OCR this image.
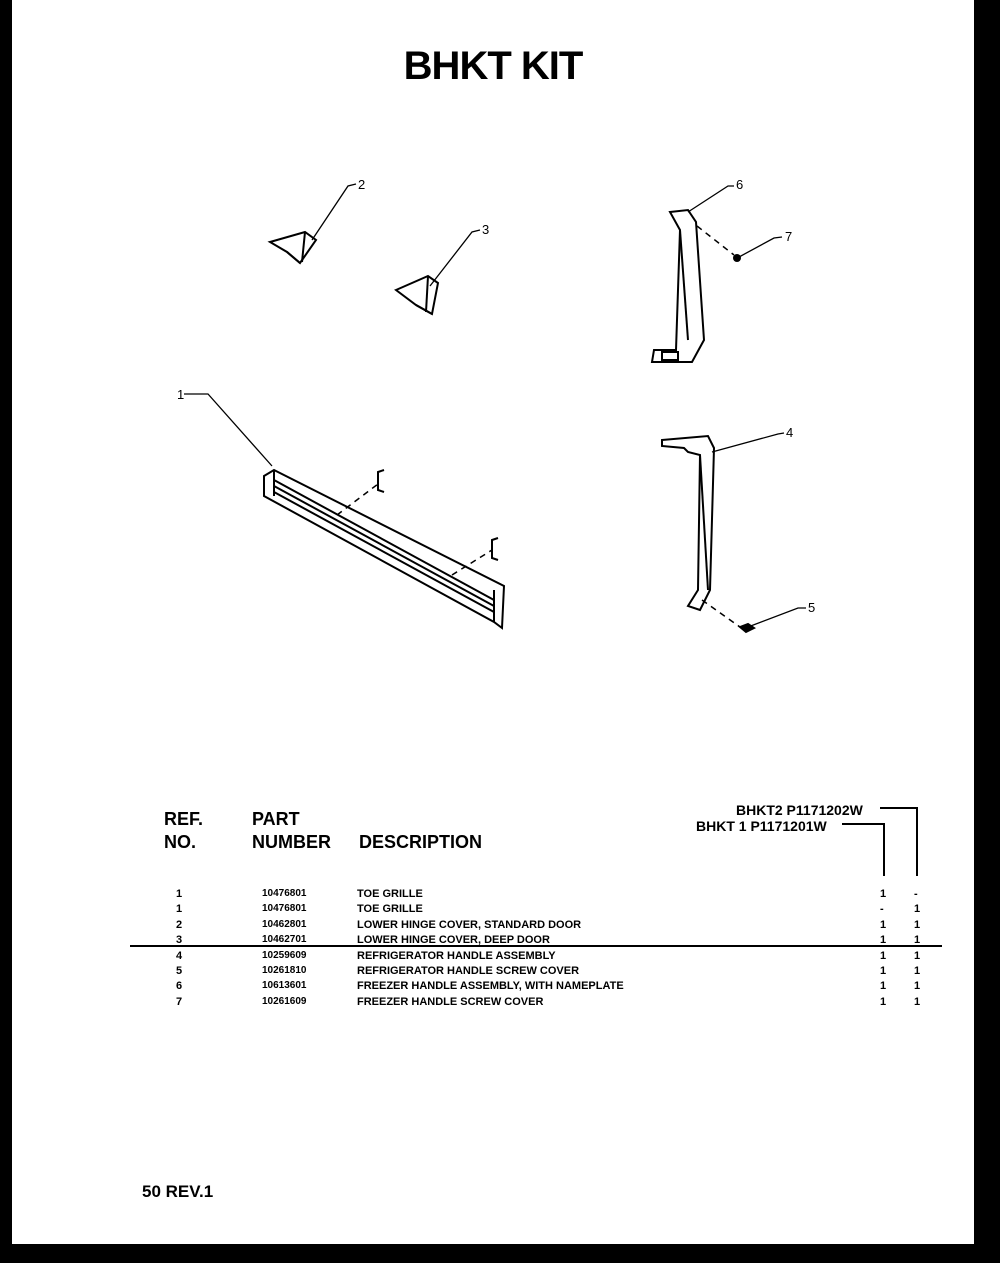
BHKT KIT
2
3
6
7
4
5
1
REF.
NO.
PART
NUMBER DESCRIPTION
BHKT2 P1171202W
BHKT 1 P1171201W
1	10476801	TOE GRILLE	1	-
1	10476801	TOE GRILLE	-	1
2	10462801	LOWER HINGE COVER, STANDARD DOOR	1	1
3	10462701	LOWER HINGE COVER, DEEP DOOR	1	1
4	10259609	REFRIGERATOR HANDLE ASSEMBLY	1	1
5	10261810	REFRIGERATOR HANDLE SCREW COVER	1	1
6	10613601	FREEZER HANDLE ASSEMBLY, WITH NAMEPLATE	1	1
7	10261609	FREEZER HANDLE SCREW COVER	1	1
50 REV.1
